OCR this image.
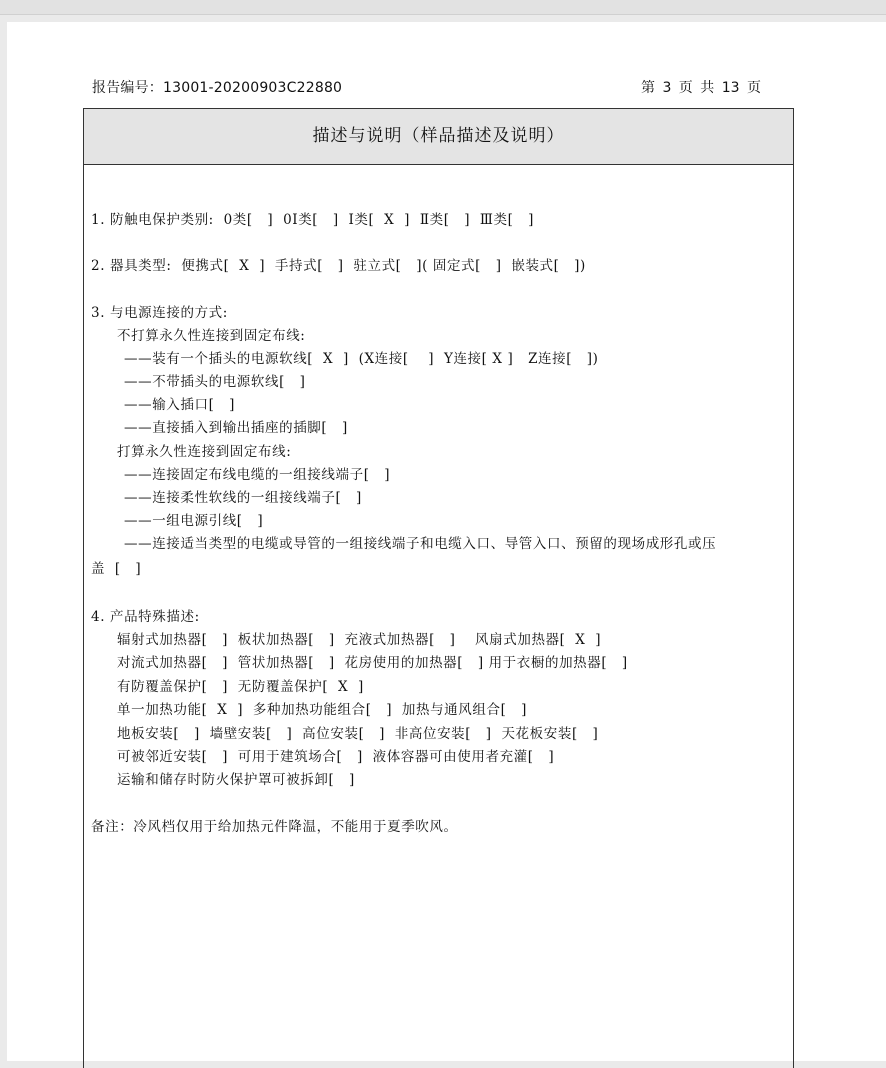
报告编号：13001-20200903C22880	第 3 页 共 13 页
描述与说明（样品描述及说明）
1. 防触电保护类别:  0类[   ]  0Ⅰ类[   ]  Ⅰ类[  X  ]  Ⅱ类[   ]  Ⅲ类[   ]
2. 器具类型:  便携式[  X  ]  手持式[   ]  驻立式[   ]( 固定式[   ]  嵌装式[   ])
3. 与电源连接的方式:
不打算永久性连接到固定布线:
——装有一个插头的电源软线[  X  ]  (X连接[    ]  Y连接[ X ]   Z连接[   ])
——不带插头的电源软线[   ]
——输入插口[   ]
——直接插入到输出插座的插脚[   ]
打算永久性连接到固定布线:
——连接固定布线电缆的一组接线端子[   ]
——连接柔性软线的一组接线端子[   ]
——一组电源引线[   ]
——连接适当类型的电缆或导管的一组接线端子和电缆入口、导管入口、预留的现场成形孔或压
盖  [   ]
4. 产品特殊描述:
辐射式加热器[   ]  板状加热器[   ]  充液式加热器[   ]    风扇式加热器[  X  ]
对流式加热器[   ]  管状加热器[   ]  花房使用的加热器[   ] 用于衣橱的加热器[   ]
有防覆盖保护[   ]  无防覆盖保护[  X  ]
单一加热功能[  X  ]  多种加热功能组合[   ]  加热与通风组合[   ]
地板安装[   ]  墙壁安装[   ]  高位安装[   ]  非高位安装[   ]  天花板安装[   ]
可被邻近安装[   ]  可用于建筑场合[   ]  液体容器可由使用者充灌[   ]
运输和储存时防火保护罩可被拆卸[   ]
备注：冷风档仅用于给加热元件降温，不能用于夏季吹风。
